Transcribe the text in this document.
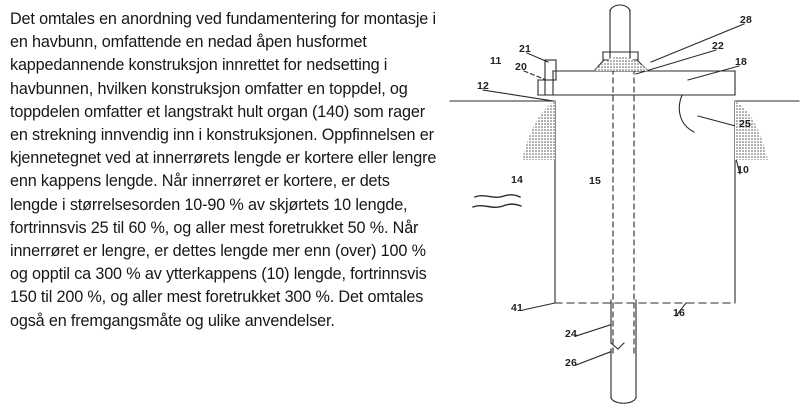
Det omtales en anordning ved fundamentering for montasje i en havbunn, omfattende en nedad åpen husformet kappedannende konstruksjon innrettet for nedsetting i havbunnen, hvilken konstruksjon omfatter en toppdel, og toppdelen omfatter et langstrakt hult organ (140) som rager en strekning innvendig inn i konstruksjonen. Oppfinnelsen er kjennetegnet ved at innerrørets lengde er kortere eller lengre enn kappens lengde. Når innerrøret er kortere, er dets lengde i størrelsesorden 10-90 % av skjørtets 10 lengde, fortrinnsvis 25 til 60 %, og aller mest foretrukket 50 %. Når innerrøret er lengre, er dettes lengde mer enn (over) 100 % og opptil ca 300 % av ytterkappens (10) lengde, fortrinnsvis 150 til 200 %, og aller mest foretrukket 300 %. Det omtales også en fremgangsmåte og ulike anvendelser.
28
22
18
21
20
11
12
25
10
14	15
41	16
24
26
